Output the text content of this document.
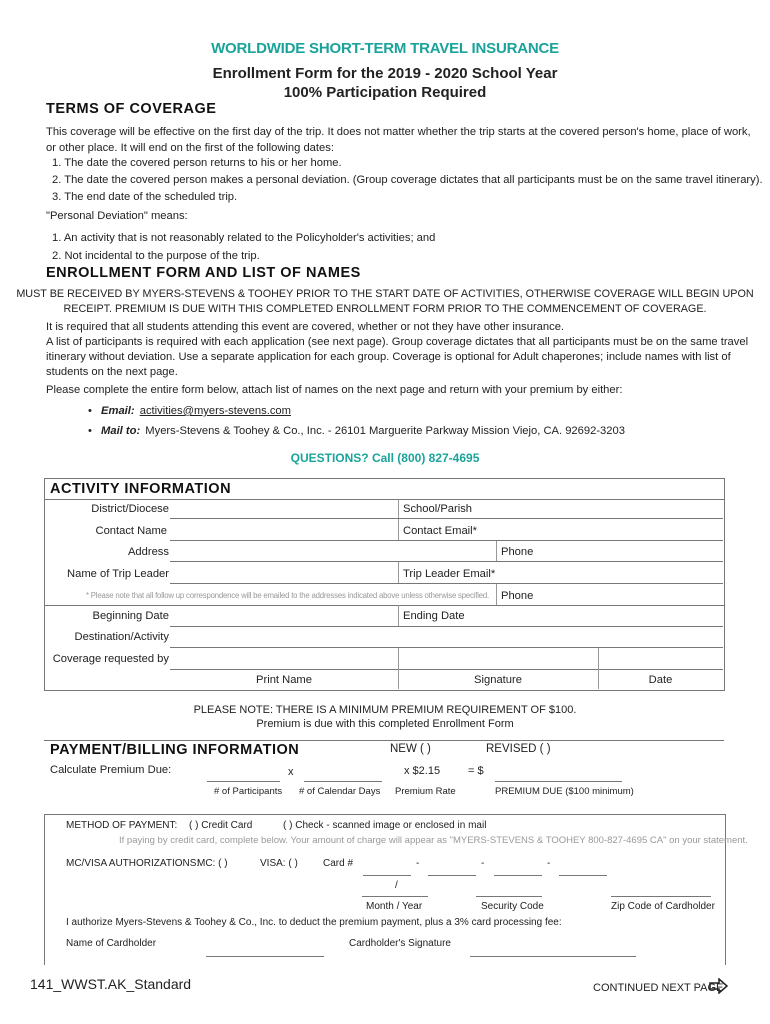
WORLDWIDE SHORT-TERM TRAVEL INSURANCE
Enrollment Form for the 2019 - 2020 School Year
100% Participation Required
TERMS OF COVERAGE
This coverage will be effective on the first day of the trip. It does not matter whether the trip starts at the covered person's home, place of work,
or other place. It will end on the first of the following dates:
1. The date the covered person returns to his or her home.
2. The date the covered person makes a personal deviation. (Group coverage dictates that all participants must be on the same travel itinerary).
3. The end date of the scheduled trip.
"Personal Deviation" means:
1. An activity that is not reasonably related to the Policyholder's activities; and
2. Not incidental to the purpose of the trip.
ENROLLMENT FORM AND LIST OF NAMES
MUST BE RECEIVED BY MYERS-STEVENS & TOOHEY PRIOR TO THE START DATE OF ACTIVITIES, OTHERWISE COVERAGE WILL BEGIN UPON
RECEIPT. PREMIUM IS DUE WITH THIS COMPLETED ENROLLMENT FORM PRIOR TO THE COMMENCEMENT OF COVERAGE.
It is required that all students attending this event are covered, whether or not they have other insurance.
A list of participants is required with each application (see next page). Group coverage dictates that all participants must be on the same travel
itinerary without deviation. Use a separate application for each group. Coverage is optional for Adult chaperones; include names with list of
students on the next page.
Please complete the entire form below, attach list of names on the next page and return with your premium by either:
• Email: activities@myers-stevens.com
• Mail to: Myers-Stevens & Toohey & Co., Inc. - 26101 Marguerite Parkway Mission Viejo, CA. 92692-3203
QUESTIONS? Call (800) 827-4695
ACTIVITY INFORMATION
District/Diocese	School/Parish
Contact Name	Contact Email*
Address	Phone
Name of Trip Leader	Trip Leader Email*
* Please note that all follow up correspondence will be emailed to the addresses indicated above unless otherwise specified. Phone
Beginning Date	Ending Date
Destination/Activity
Coverage requested by
Print Name	Signature	Date
PLEASE NOTE: THERE IS A MINIMUM PREMIUM REQUIREMENT OF $100.
Premium is due with this completed Enrollment Form
PAYMENT/BILLING INFORMATION	NEW ( )	REVISED ( )
Calculate Premium Due:	x	x $2.15	= $
# of Participants # of Calendar Days Premium Rate	PREMIUM DUE ($100 minimum)
METHOD OF PAYMENT: ( ) Credit Card	( ) Check - scanned image or enclosed in mail
If paying by credit card, complete below. Your amount of charge will appear as "MYERS-STEVENS & TOOHEY 800-827-4695 CA" on your statement.
MC/VISA AUTHORIZATIONS:
MC: ( )	VISA: ( )	Card #	-	-	-
/
Month / Year	Security Code	Zip Code of Cardholder
I authorize Myers-Stevens & Toohey & Co., Inc. to deduct the premium payment, plus a 3% card processing fee:
Name of Cardholder	Cardholder's Signature
141_WWST.AK_Standard	CONTINUED NEXT PAGE
